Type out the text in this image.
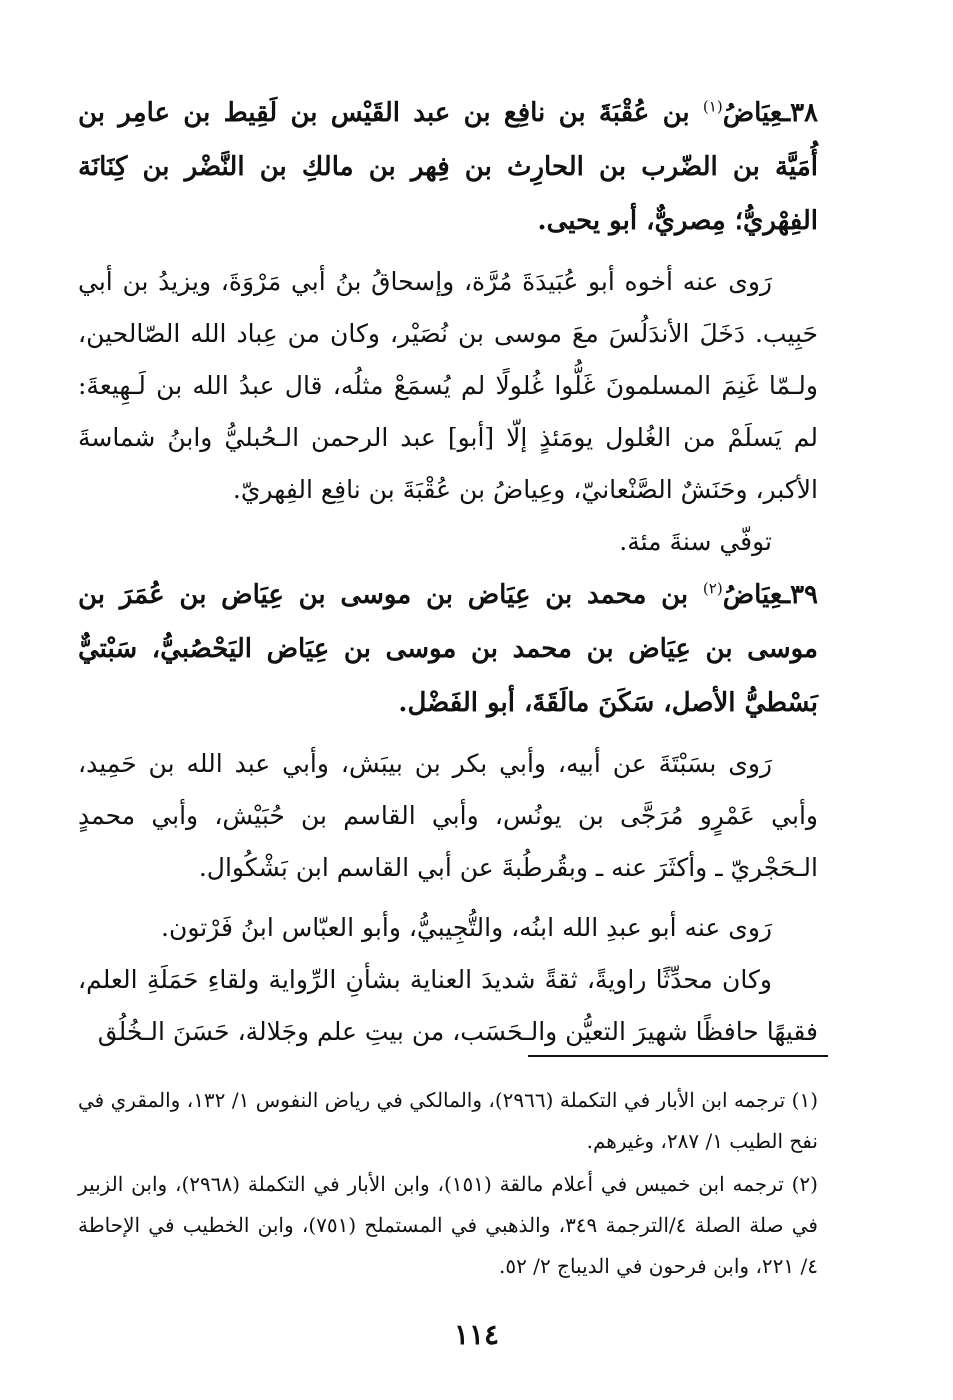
٣٨ـعِيَاضُ$^{(١)}$ بن عُقْبَةَ بن نافِع بن عبد القَيْس بن لَقِيط بن عامِر بن أُمَيَّة بن الضّرب بن الحارِث بن فِهر بن مالكِ بن النَّضْر بن كِنَانَة الفِهْريُّ؛ مِصريٌّ، أبو يحيى.

رَوى عنه أخوه أبو عُبَيدَةَ مُرَّة، وإسحاقُ بنُ أبي مَرْوَةَ، ويزيدُ بن أبي حَبِيب. دَخَلَ الأندَلُسَ معَ موسى بن نُصَيْر، وكان من عِباد الله الصّالحين، ولـمّا غَنِمَ المسلمونَ غَلُّوا غُلولًا لم يُسمَعْ مثلُه، قال عبدُ الله بن لَـهِيعةَ: لم يَسلَمْ من الغُلول يومَئذٍ إلّا [أبو] عبد الرحمن الـحُبليُّ وابنُ شماسةَ الأكبر، وحَنَشٌ الصَّنْعانيّ، وعِياضُ بن عُقْبَةَ بن نافِع الفِهريّ.

توفّي سنةَ مئة.

٣٩ـعِيَاضُ$^{(٢)}$ بن محمد بن عِيَاض بن موسى بن عِيَاض بن عُمَرَ بن موسى بن عِيَاض بن محمد بن موسى بن عِيَاض اليَحْصُبيُّ، سَبْتيٌّ بَسْطيُّ الأصل، سَكَنَ مالَقَةَ، أبو الفَضْل.

رَوى بسَبْتَةَ عن أبيه، وأبي بكر بن بيبَش، وأبي عبد الله بن حَمِيد، وأبي عَمْرٍو مُرَجَّى بن يونُس، وأبي القاسم بن حُبَيْش، وأبي محمدٍ الـحَجْريّ ـ وأكثَرَ عنه ـ وبقُرطُبةَ عن أبي القاسم ابن بَشْكُوال.

رَوى عنه أبو عبدِ الله ابنُه، والتُّجِيبيُّ، وأبو العبّاس ابنُ فَرْتون.

وكان محدِّثًا راويةً، ثقةً شديدَ العناية بشأنِ الرِّواية ولقاءِ حَمَلَةِ العلم، فقيهًا حافظًا شهيرَ التعيُّن والـحَسَب، من بيتِ علم وجَلالة، حَسَنَ الـخُلُق

(١) ترجمه ابن الأبار في التكملة (٢٩٦٦)، والمالكي في رياض النفوس ١/ ١٣٢، والمقري في نفح الطيب ١/ ٢٨٧، وغيرهم.

(٢) ترجمه ابن خميس في أعلام مالقة (١٥١)، وابن الأبار في التكملة (٢٩٦٨)، وابن الزبير في صلة الصلة ٤/الترجمة ٣٤٩، والذهبي في المستملح (٧٥١)، وابن الخطيب في الإحاطة ٤/ ٢٢١، وابن فرحون في الديباج ٢/ ٥٢.

١١٤
